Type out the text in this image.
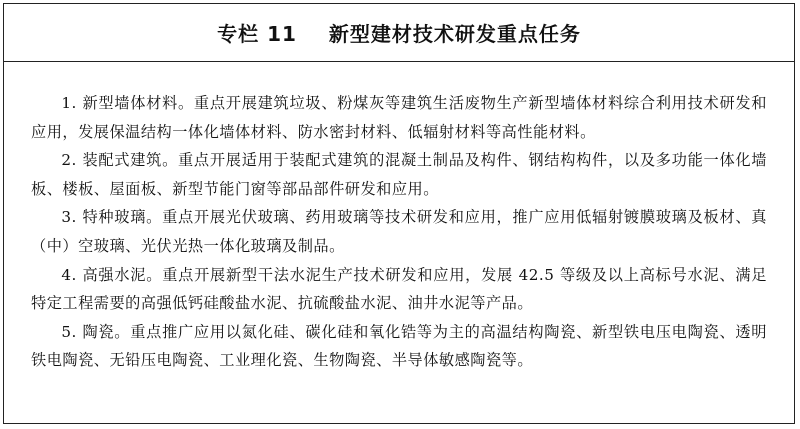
专栏 11    新型建材技术研发重点任务

1. 新型墙体材料。重点开展建筑垃圾、粉煤灰等建筑生活废物生产新型墙体材料综合利用技术研发和应用，发展保温结构一体化墙体材料、防水密封材料、低辐射材料等高性能材料。

2. 装配式建筑。重点开展适用于装配式建筑的混凝土制品及构件、钢结构构件，以及多功能一体化墙板、楼板、屋面板、新型节能门窗等部品部件研发和应用。

3. 特种玻璃。重点开展光伏玻璃、药用玻璃等技术研发和应用，推广应用低辐射镀膜玻璃及板材、真（中）空玻璃、光伏光热一体化玻璃及制品。

4. 高强水泥。重点开展新型干法水泥生产技术研发和应用，发展 42.5 等级及以上高标号水泥、满足特定工程需要的高强低钙硅酸盐水泥、抗硫酸盐水泥、油井水泥等产品。

5. 陶瓷。重点推广应用以氮化硅、碳化硅和氧化锆等为主的高温结构陶瓷、新型铁电压电陶瓷、透明铁电陶瓷、无铅压电陶瓷、工业理化瓷、生物陶瓷、半导体敏感陶瓷等。
